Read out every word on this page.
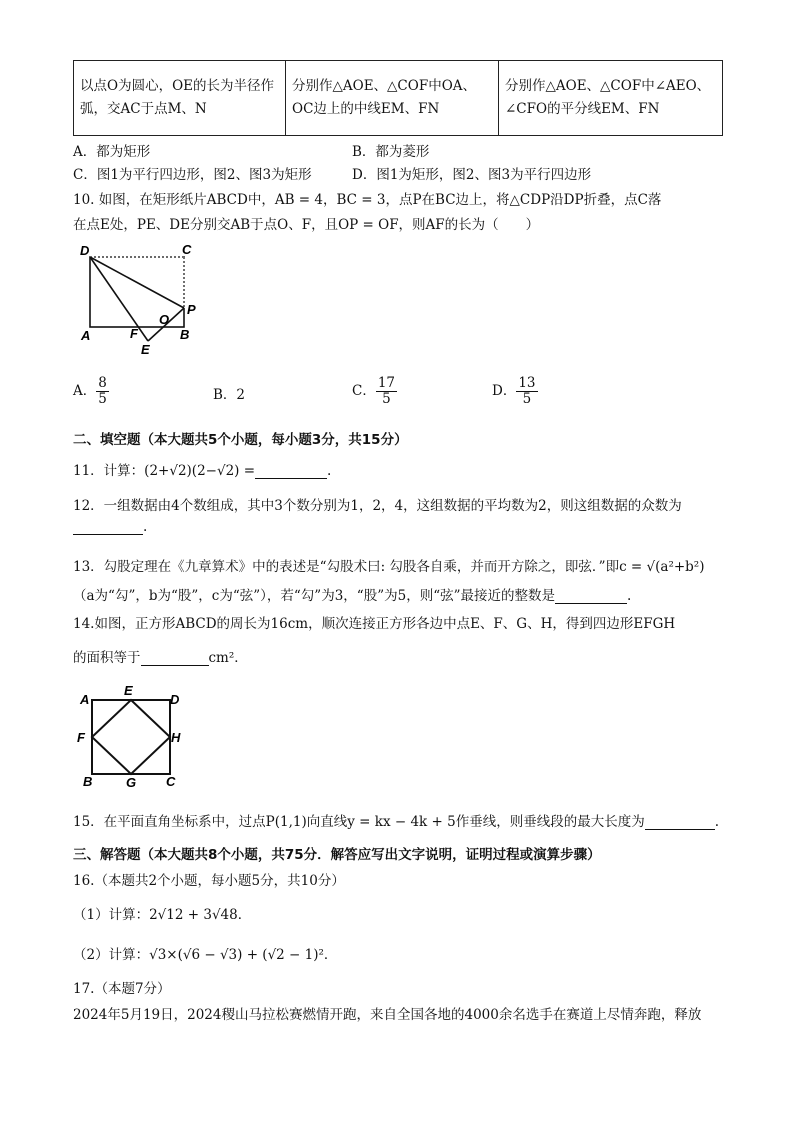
以点O为圆心，OE的长为半径作弧，交AC于点M、N	分别作△AOE、△COF中OA、OC边上的中线EM、FN	分别作△AOE、△COF中∠AEO、∠CFO的平分线EM、FN
A．都为矩形	B．都为菱形
C．图1为平行四边形，图2、图3为矩形	D．图1为矩形，图2、图3为平行四边形
10. 如图，在矩形纸片ABCD中，AB = 4，BC = 3，点P在BC边上，将△CDP沿DP折叠，点C落
在点E处，PE、DE分别交AB于点O、F，且OP = OF，则AF的长为（　　）
D	C
P
A	F
O
B
E
A． $\frac{8}{5}$	B．2	C． $\frac{17}{5}$	D． $\frac{13}{5}$
二、填空题（本大题共5个小题，每小题3分，共15分）
11．计算：(2+√2)(2−√2) =	.
12．一组数据由4个数组成，其中3个数分别为1，2，4，这组数据的平均数为2，则这组数据的众数为
.
13．勾股定理在《九章算术》中的表述是“勾股术曰: 勾股各自乘，并而开方除之，即弦．”即c = √(a²+b²)
（a为“勾”，b为“股”，c为“弦”），若“勾”为3，“股”为5，则“弦”最接近的整数是	.
14.如图，正方形ABCD的周长为16cm，顺次连接正方形各边中点E、F、G、H，得到四边形EFGH
的面积等于	cm²．
A
E
D
F	H
B	G C
15．在平面直角坐标系中，过点P(1,1)向直线y = kx − 4k + 5作垂线，则垂线段的最大长度为	.
三、解答题（本大题共8个小题，共75分．解答应写出文字说明，证明过程或演算步骤）
16.（本题共2个小题，每小题5分，共10分）
（1）计算：2√12 + 3√48．
（2）计算：√3×(√6 − √3) + (√2 − 1)²．
17.（本题7分）
2024年5月19日，2024稷山马拉松赛燃情开跑，来自全国各地的4000余名选手在赛道上尽情奔跑，释放
